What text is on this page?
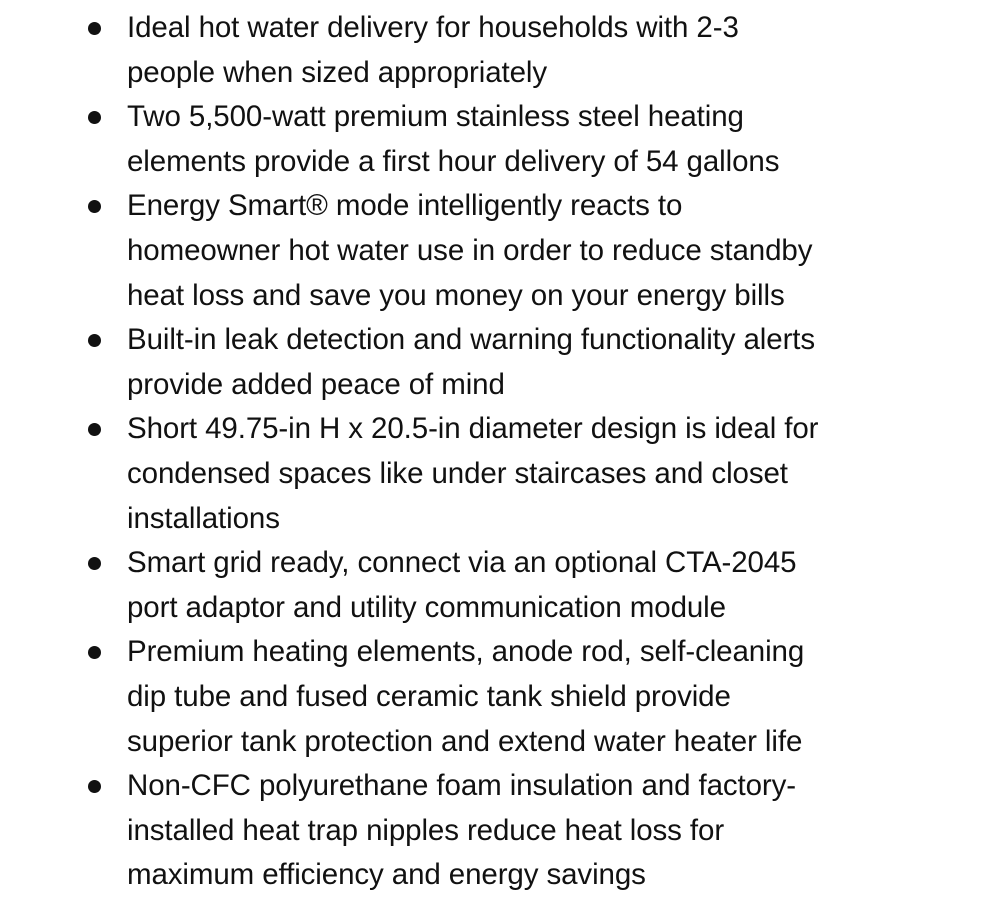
Ideal hot water delivery for households with 2-3
people when sized appropriately
Two 5,500-watt premium stainless steel heating
elements provide a first hour delivery of 54 gallons
Energy Smart® mode intelligently reacts to
homeowner hot water use in order to reduce standby
heat loss and save you money on your energy bills
Built-in leak detection and warning functionality alerts
provide added peace of mind
Short 49.75-in H x 20.5-in diameter design is ideal for
condensed spaces like under staircases and closet
installations
Smart grid ready, connect via an optional CTA-2045
port adaptor and utility communication module
Premium heating elements, anode rod, self-cleaning
dip tube and fused ceramic tank shield provide
superior tank protection and extend water heater life
Non-CFC polyurethane foam insulation and factory-
installed heat trap nipples reduce heat loss for
maximum efficiency and energy savings
